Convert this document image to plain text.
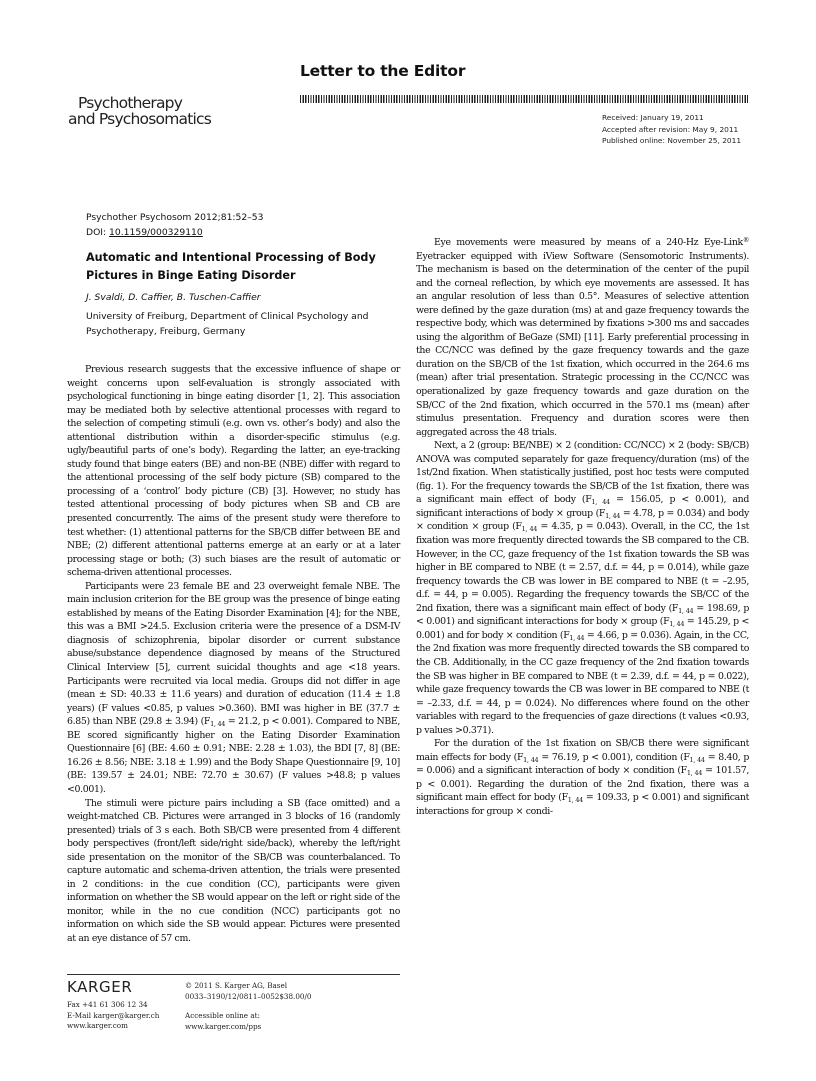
Letter to the Editor
Psychotherapy
and Psychosomatics	Received: January 19, 2011
Accepted after revision: May 9, 2011
Published online: November 25, 2011
Psychother Psychosom 2012;81:52–53
DOI: 10.1159/000329110
Automatic and Intentional Processing of Body Pictures in Binge Eating Disorder
J. Svaldi, D. Caffier, B. Tuschen-Caffier
University of Freiburg, Department of Clinical Psychology and Psychotherapy, Freiburg, Germany

Previous research suggests that the excessive influence of shape or weight concerns upon self-evaluation is strongly associated with psychological functioning in binge eating disorder [1, 2]. This association may be mediated both by selective attentional processes with regard to the selection of competing stimuli (e.g. own vs. other’s body) and also the attentional distribution within a disorder-specific stimulus (e.g. ugly/beautiful parts of one’s body). Regarding the latter, an eye-tracking study found that binge eaters (BE) and non-BE (NBE) differ with regard to the attentional processing of the self body picture (SB) compared to the processing of a ‘control’ body picture (CB) [3]. However, no study has tested attentional processing of body pictures when SB and CB are presented concurrently. The aims of the present study were therefore to test whether: (1) attentional patterns for the SB/CB differ between BE and NBE; (2) different attentional patterns emerge at an early or at a later processing stage or both; (3) such biases are the result of automatic or schema-driven attentional processes.

Participants were 23 female BE and 23 overweight female NBE. The main inclusion criterion for the BE group was the presence of binge eating established by means of the Eating Disorder Examination [4]; for the NBE, this was a BMI >24.5. Exclusion criteria were the presence of a DSM-IV diagnosis of schizophrenia, bipolar disorder or current substance abuse/substance dependence diagnosed by means of the Structured Clinical Interview [5], current suicidal thoughts and age <18 years. Participants were recruited via local media. Groups did not differ in age (mean ± SD: 40.33 ± 11.6 years) and duration of education (11.4 ± 1.8 years) (F values <0.85, p values >0.360). BMI was higher in BE (37.7 ± 6.85) than NBE (29.8 ± 3.94) ($F_{1, 44} = 21.2$, p < 0.001). Compared to NBE, BE scored significantly higher on the Eating Disorder Examination Questionnaire [6] (BE: 4.60 ± 0.91; NBE: 2.28 ± 1.03), the BDI [7, 8] (BE: 16.26 ± 8.56; NBE: 3.18 ± 1.99) and the Body Shape Questionnaire [9, 10] (BE: 139.57 ± 24.01; NBE: 72.70 ± 30.67) (F values >48.8; p values <0.001).

The stimuli were picture pairs including a SB (face omitted) and a weight-matched CB. Pictures were arranged in 3 blocks of 16 (randomly presented) trials of 3 s each. Both SB/CB were presented from 4 different body perspectives (front/left side/right side/back), whereby the left/right side presentation on the monitor of the SB/CB was counterbalanced. To capture automatic and schema-driven attention, the trials were presented in 2 conditions: in the cue condition (CC), participants were given information on whether the SB would appear on the left or right side of the monitor, while in the no cue condition (NCC) participants got no information on which side the SB would appear. Pictures were presented at an eye distance of 57 cm.

Eye movements were measured by means of a 240-Hz Eye-Link® Eyetracker equipped with iView Software (Sensomotoric Instruments). The mechanism is based on the determination of the center of the pupil and the corneal reflection, by which eye movements are assessed. It has an angular resolution of less than 0.5°. Measures of selective attention were defined by the gaze duration (ms) at and gaze frequency towards the respective body, which was determined by fixations >300 ms and saccades using the algorithm of BeGaze (SMI) [11]. Early preferential processing in the CC/NCC was defined by the gaze frequency towards and the gaze duration on the SB/CB of the 1st fixation, which occurred in the 264.6 ms (mean) after trial presentation. Strategic processing in the CC/NCC was operationalized by gaze frequency towards and gaze duration on the SB/CC of the 2nd fixation, which occurred in the 570.1 ms (mean) after stimulus presentation. Frequency and duration scores were then aggregated across the 48 trials.

Next, a 2 (group: BE/NBE) × 2 (condition: CC/NCC) × 2 (body: SB/CB) ANOVA was computed separately for gaze frequency/duration (ms) of the 1st/2nd fixation. When statistically justified, post hoc tests were computed (fig. 1). For the frequency towards the SB/CB of the 1st fixation, there was a significant main effect of body ($F_{1, 44} = 156.05$, p < 0.001), and significant interactions of body × group ($F_{1, 44} = 4.78$, p = 0.034) and body × condition × group ($F_{1, 44} = 4.35$, p = 0.043). Overall, in the CC, the 1st fixation was more frequently directed towards the SB compared to the CB. However, in the CC, gaze frequency of the 1st fixation towards the SB was higher in BE compared to NBE (t = 2.57, d.f. = 44, p = 0.014), while gaze frequency towards the CB was lower in BE compared to NBE (t = –2.95, d.f. = 44, p = 0.005). Regarding the frequency towards the SB/CC of the 2nd fixation, there was a significant main effect of body ($F_{1, 44} = 198.69$, p < 0.001) and significant interactions for body × group ($F_{1, 44} = 145.29$, p < 0.001) and for body × condition ($F_{1, 44} = 4.66$, p = 0.036). Again, in the CC, the 2nd fixation was more frequently directed towards the SB compared to the CB. Additionally, in the CC gaze frequency of the 2nd fixation towards the SB was higher in BE compared to NBE (t = 2.39, d.f. = 44, p = 0.022), while gaze frequency towards the CB was lower in BE compared to NBE (t = –2.33, d.f. = 44, p = 0.024). No differences where found on the other variables with regard to the frequencies of gaze directions (t values <0.93, p values >0.371).

For the duration of the 1st fixation on SB/CB there were significant main effects for body ($F_{1, 44} = 76.19$, p < 0.001), condition ($F_{1, 44} = 8.40$, p = 0.006) and a significant interaction of body × condition ($F_{1, 44} = 101.57$, p < 0.001). Regarding the duration of the 2nd fixation, there was a significant main effect for body ($F_{1, 44} = 109.33$, p < 0.001) and significant interactions for group × condi-

KARGER
Fax +41 61 306 12 34
E-Mail karger@karger.ch
www.karger.com
© 2011 S. Karger AG, Basel
0033–3190/12/0811–0052$38.00/0
Accessible online at:
www.karger.com/pps
